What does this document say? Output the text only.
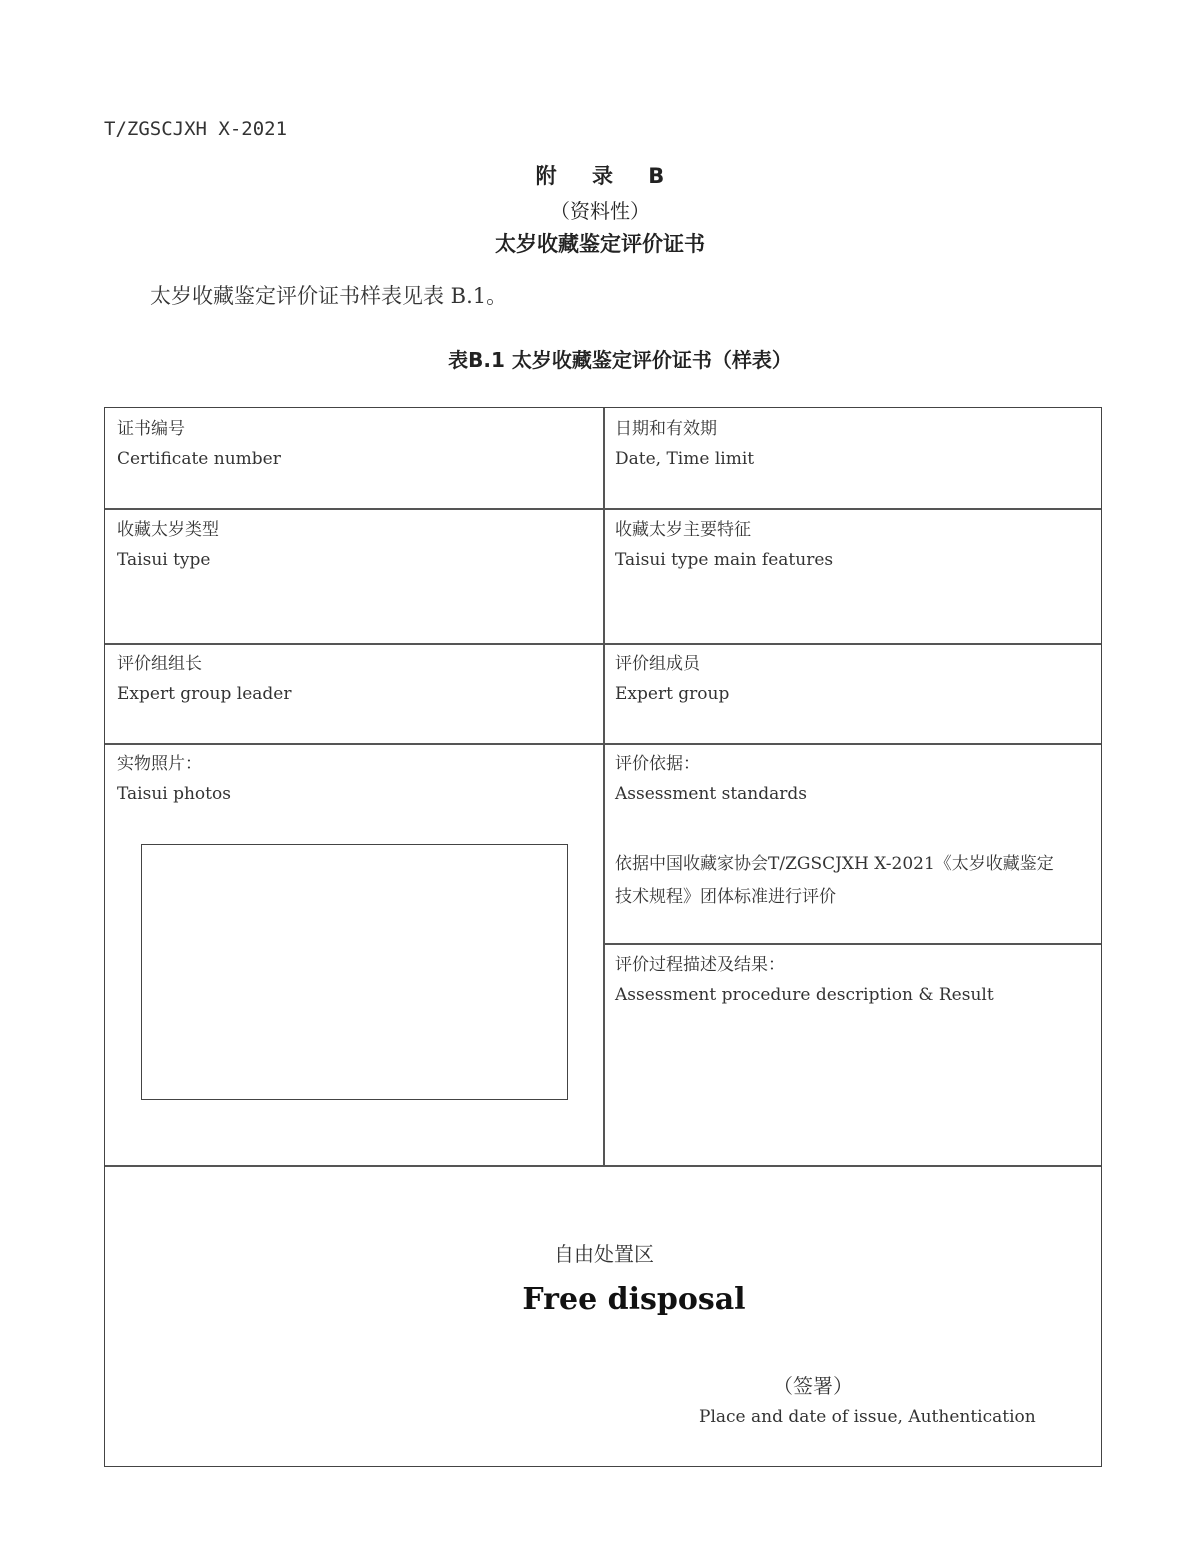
T/ZGSCJXH X-2021
附 录 B
（资料性）
太岁收藏鉴定评价证书
太岁收藏鉴定评价证书样表见表 B.1。
表B.1 太岁收藏鉴定评价证书（样表）
证书编号
Certificate number
日期和有效期
Date, Time limit
收藏太岁类型
Taisui type
收藏太岁主要特征
Taisui type main features
评价组组长
Expert group leader
评价组成员
Expert group
实物照片：
Taisui photos
评价依据：
Assessment standards
依据中国收藏家协会T/ZGSCJXH X-2021《太岁收藏鉴定
技术规程》团体标准进行评价
评价过程描述及结果：
Assessment procedure description & Result
自由处置区
Free disposal
（签署）
Place and date of issue, Authentication
